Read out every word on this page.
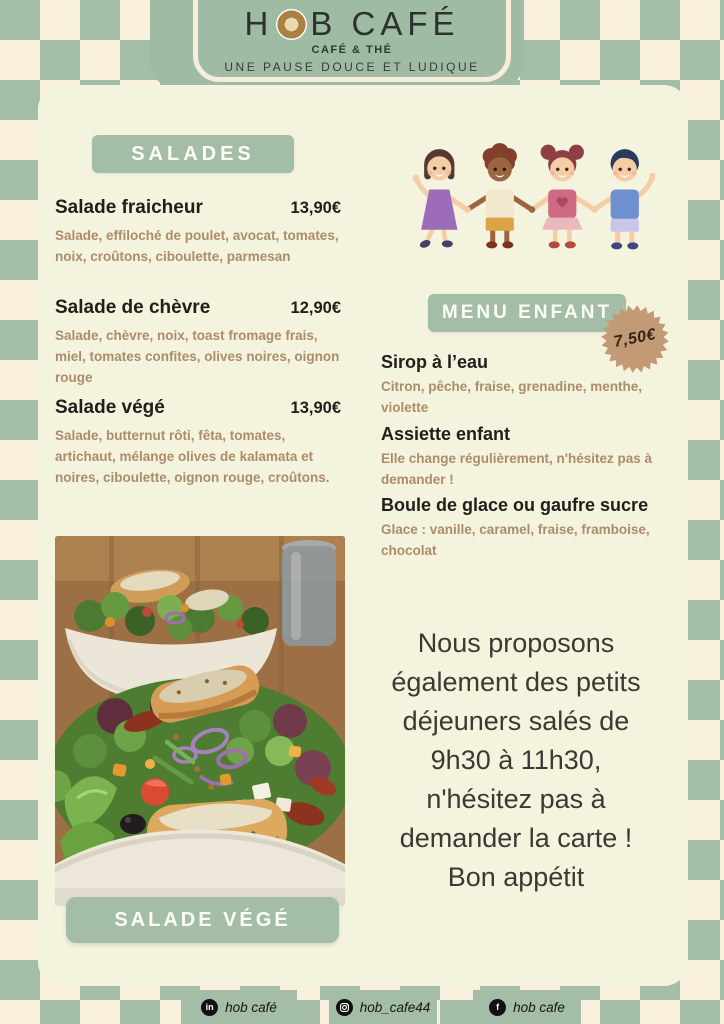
H B CAFÉ
CAFÉ & THÉ
UNE PAUSE DOUCE ET LUDIQUE
SALADES
Salade fraicheur	13,90€
Salade, effiloché de poulet, avocat, tomates, noix, croûtons, ciboulette, parmesan
Salade de chèvre	12,90€
Salade, chèvre, noix, toast fromage frais, miel, tomates confites, olives noires, oignon rouge
Salade végé	13,90€
Salade, butternut rôti, fêta, tomates, artichaut, mélange olives de kalamata et noires, ciboulette, oignon rouge, croûtons.
MENU ENFANT
7,50€
Sirop à l’eau
Citron, pêche, fraise, grenadine, menthe, violette
Assiette enfant
Elle change régulièrement, n'hésitez pas à demander !
Boule de glace ou gaufre sucre
Glace : vanille, caramel, fraise, framboise, chocolat
SALADE VÉGÉ
Nous proposons
également des petits
déjeuners salés de
9h30 à 11h30,
n'hésitez pas à
demander la carte !
Bon appétit
in hob café	hob_cafe44	f hob cafe
